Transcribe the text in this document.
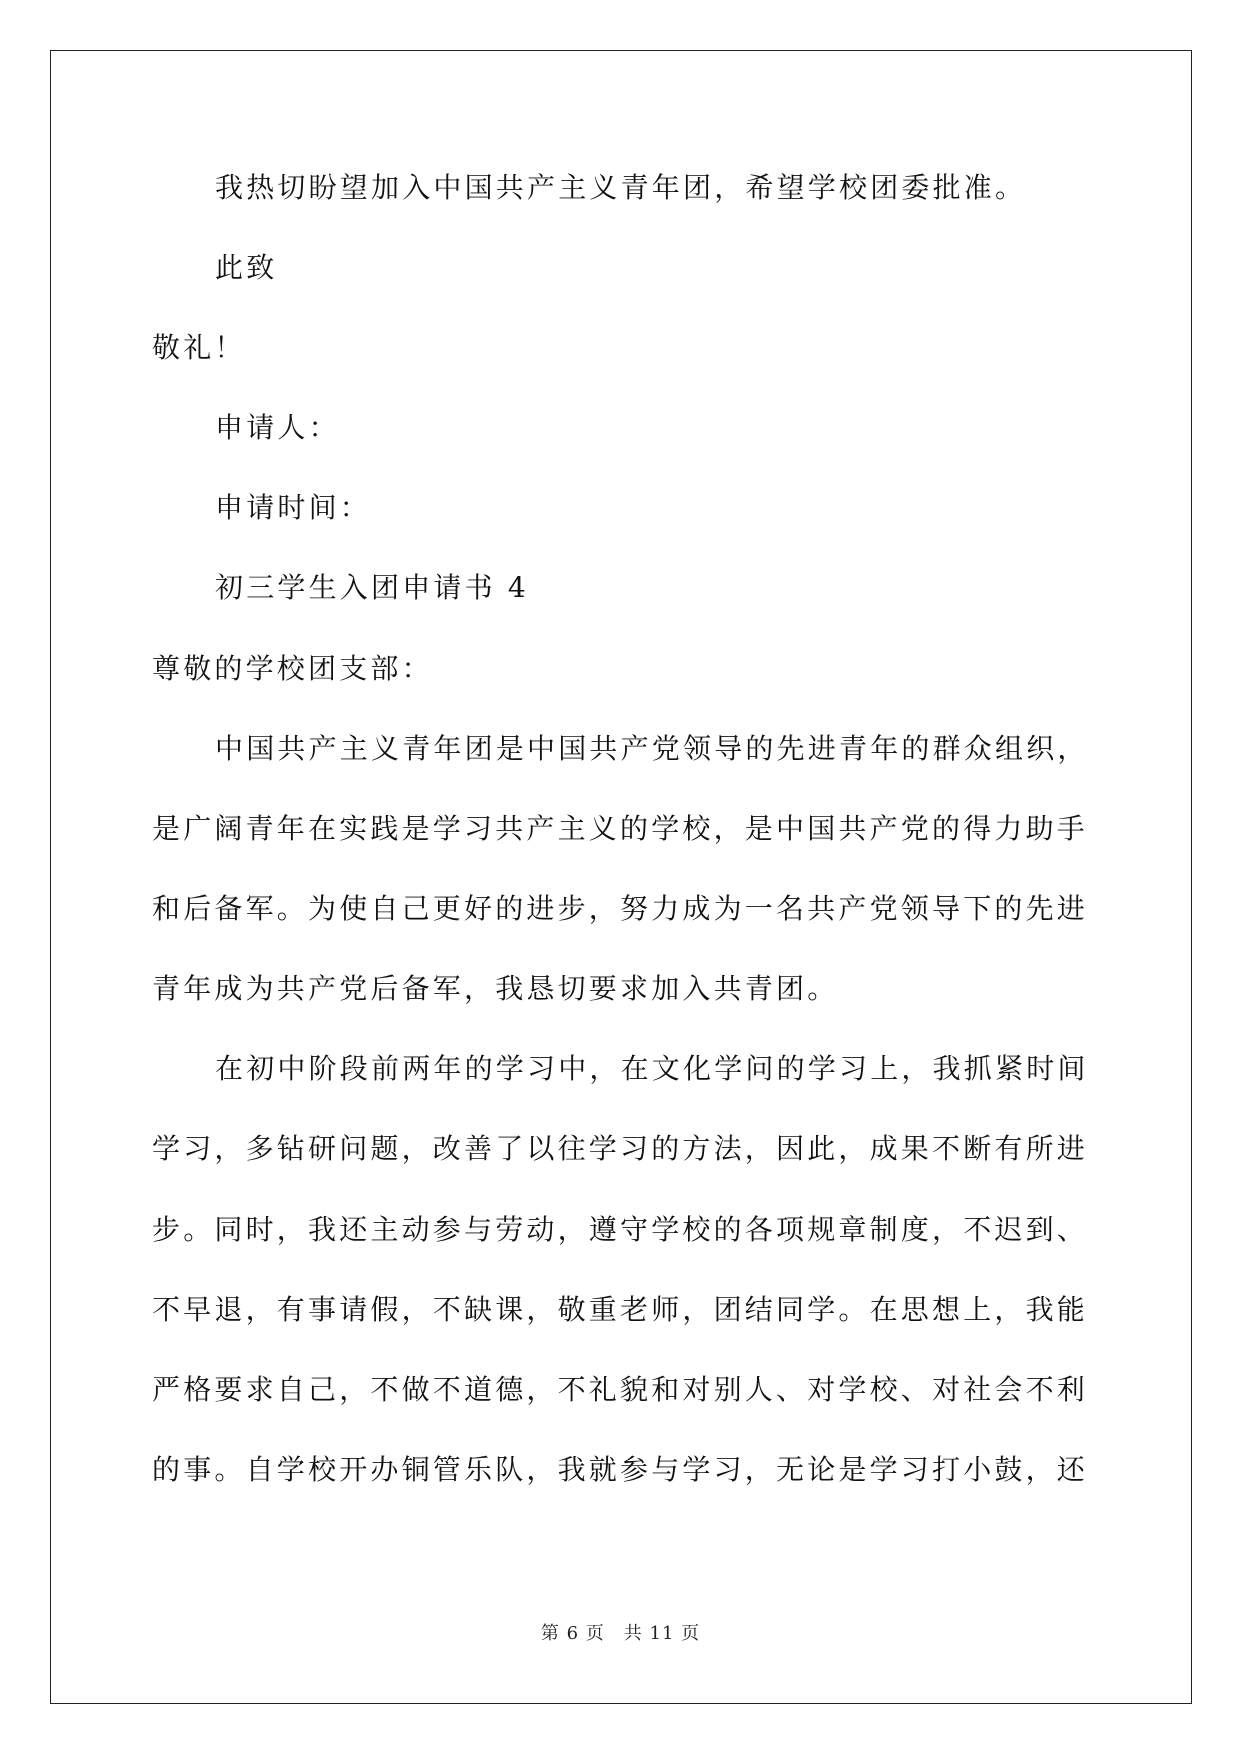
我热切盼望加入中国共产主义青年团，希望学校团委批准。
此致
敬礼！
申请人：
申请时间：
初三学生入团申请书 4
尊敬的学校团支部：
中国共产主义青年团是中国共产党领导的先进青年的群众组织，
是广阔青年在实践是学习共产主义的学校，是中国共产党的得力助手
和后备军。为使自己更好的进步，努力成为一名共产党领导下的先进
青年成为共产党后备军，我恳切要求加入共青团。
在初中阶段前两年的学习中，在文化学问的学习上，我抓紧时间
学习，多钻研问题，改善了以往学习的方法，因此，成果不断有所进
步。同时，我还主动参与劳动，遵守学校的各项规章制度，不迟到、
不早退，有事请假，不缺课，敬重老师，团结同学。在思想上，我能
严格要求自己，不做不道德，不礼貌和对别人、对学校、对社会不利
的事。自学校开办铜管乐队，我就参与学习，无论是学习打小鼓，还
第 6 页　共 11 页
